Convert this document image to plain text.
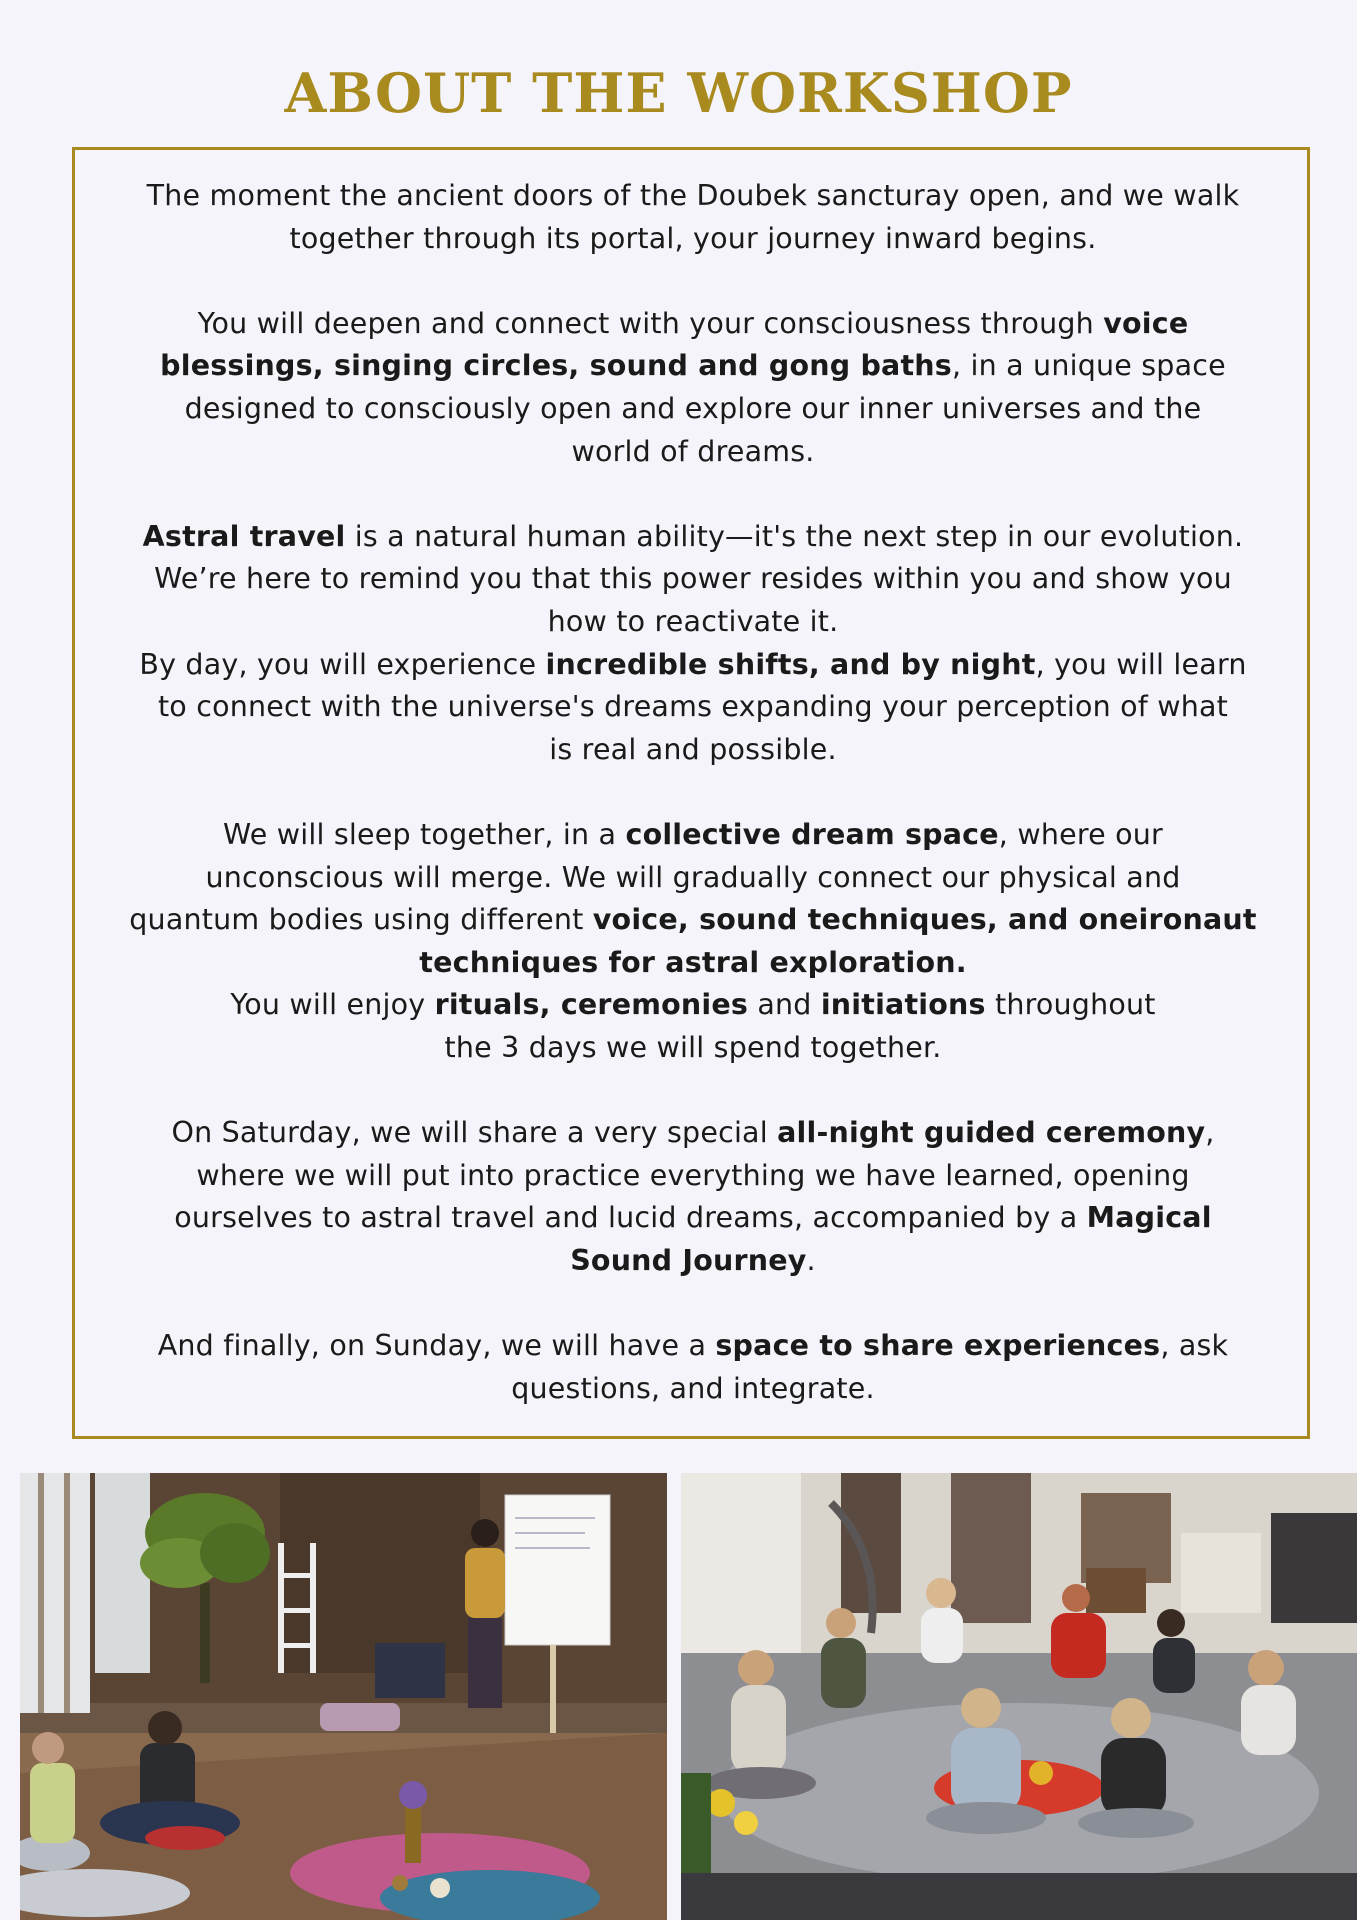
ABOUT THE WORKSHOP

The moment the ancient doors of the Doubek sancturay open, and we walk
together through its portal, your journey inward begins.

You will deepen and connect with your consciousness through voice
blessings, singing circles, sound and gong baths, in a unique space
designed to consciously open and explore our inner universes and the
world of dreams.

Astral travel is a natural human ability—it's the next step in our evolution.
We’re here to remind you that this power resides within you and show you
how to reactivate it.
By day, you will experience incredible shifts, and by night, you will learn
to connect with the universe's dreams expanding your perception of what
is real and possible.

We will sleep together, in a collective dream space, where our
unconscious will merge. We will gradually connect our physical and
quantum bodies using different voice, sound techniques, and oneironaut
techniques for astral exploration.
You will enjoy rituals, ceremonies and initiations throughout
the 3 days we will spend together.

On Saturday, we will share a very special all-night guided ceremony,
where we will put into practice everything we have learned, opening
ourselves to astral travel and lucid dreams, accompanied by a Magical
Sound Journey.

And finally, on Sunday, we will have a space to share experiences, ask
questions, and integrate.
